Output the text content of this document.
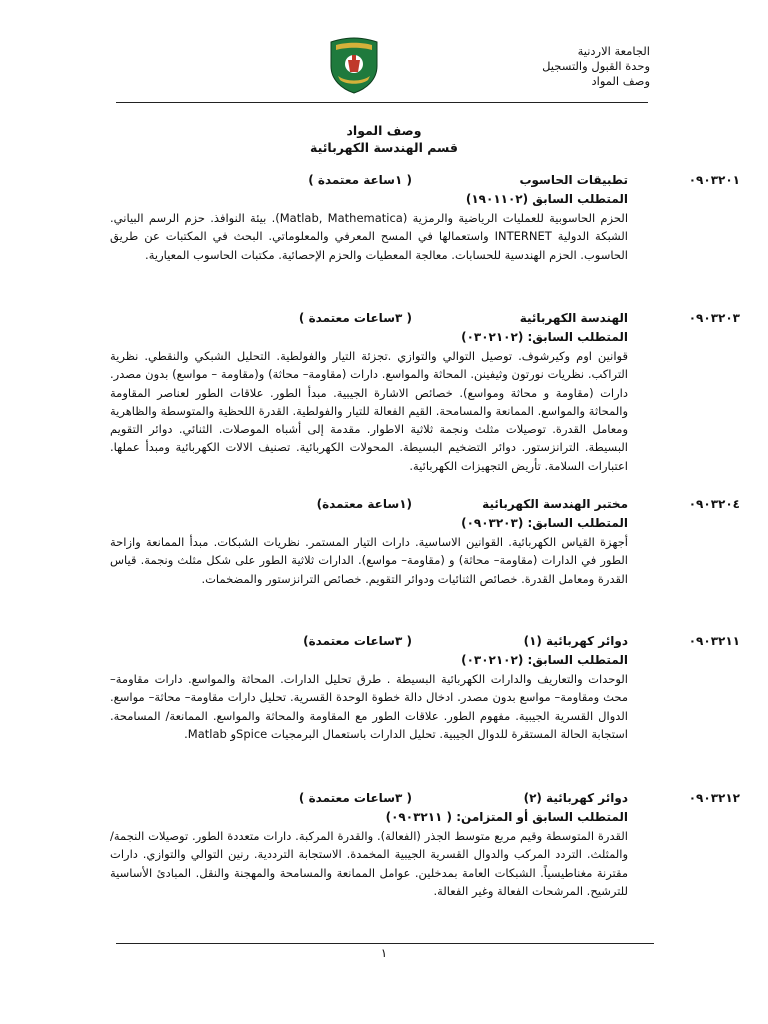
الجامعة الاردنية
وحدة القبول والتسجيل
وصف المواد
وصف المواد
قسم الهندسة الكهربائية
٠٩٠٣٢٠١
تطبيقات الحاسوب
( ١ساعة معتمدة )
المتطلب السابق (١٩٠١١٠٢)
الحزم الحاسوبية للعمليات الرياضية والرمزية (Matlab, Mathematica). بيئة النوافذ. حزم الرسم البياني. الشبكة الدولية INTERNET واستعمالها في المسح المعرفي والمعلوماتي. البحث في المكتبات عن طريق الحاسوب. الحزم الهندسية للحسابات. معالجة المعطيات والحزم الإحصائية. مكتبات الحاسوب المعيارية.
٠٩٠٣٢٠٣
الهندسة الكهربائية
( ٣ساعات معتمدة )
المتطلب السابق: (٠٣٠٢١٠٢)
قوانين اوم وكيرشوف. توصيل التوالي والتوازي .تجزئة التيار والفولطية. التحليل الشبكي والنقطي. نظرية التراكب. نظريات نورتون وثيفينن. المحاثة والمواسع. دارات (مقاومة– محاثة) و(مقاومة – مواسع) بدون مصدر. دارات (مقاومة و محاثة ومواسع). خصائص الاشارة الجيبية. مبدأ الطور. علاقات الطور لعناصر المقاومة والمحاثة والمواسع. الممانعة والمسامحة. القيم الفعالة للتيار والفولطية. القدرة اللحظية والمتوسطة والظاهرية ومعامل القدرة. توصيلات مثلث ونجمة ثلاثية الاطوار. مقدمة إلى أشباه الموصلات. الثنائي. دوائر التقويم البسيطة. الترانزستور. دوائر التضخيم البسيطة. المحولات الكهربائية. تصنيف الالات الكهربائية ومبدأ عملها. اعتبارات السلامة. تأريض التجهيزات الكهربائية.
٠٩٠٣٢٠٤
مختبر الهندسة الكهربائية
(١ساعة معتمدة)
المتطلب السابق: (٠٩٠٣٢٠٣)
أجهزة القياس الكهربائية. القوانين الاساسية. دارات التيار المستمر. نظريات الشبكات. مبدأ الممانعة وازاحة الطور في الدارات (مقاومة– محاثة) و (مقاومة– مواسع). الدارات ثلاثية الطور على شكل مثلث ونجمة. قياس القدرة ومعامل القدرة. خصائص الثنائيات ودوائر التقويم. خصائص الترانزستور والمضخمات.
٠٩٠٣٢١١
دوائر كهربائية (١)
( ٣ساعات معتمدة)
المتطلب السابق: (٠٣٠٢١٠٢)
الوحدات والتعاريف والدارات الكهربائية البسيطة . طرق تحليل الدارات. المحاثة والمواسع. دارات مقاومة–محث ومقاومة– مواسع بدون مصدر. ادخال دالة خطوة الوحدة القسرية. تحليل دارات مقاومة– محاثة– مواسع. الدوال القسرية الجيبية. مفهوم الطور. علاقات الطور مع المقاومة والمحاثة والمواسع. الممانعة/ المسامحة. استجابة الحالة المستقرة للدوال الجيبية. تحليل الدارات باستعمال البرمجيات Spiceو Matlab.
٠٩٠٣٢١٢
دوائر كهربائية (٢)
( ٣ساعات معتمدة )
المتطلب السابق أو المتزامن: ( ٠٩٠٣٢١١)
القدرة المتوسطة وقيم مربع متوسط الجذر (الفعالة). والقدرة المركبة. دارات متعددة الطور. توصيلات النجمة/ والمثلث. التردد المركب والدوال القسرية الجيبية المخمدة. الاستجابة الترددية. رنين التوالي والتوازي. دارات مقترنة مغناطيسياً. الشبكات العامة بمدخلين. عوامل الممانعة والمسامحة والمهجنة والنقل. المبادئ الأساسية للترشيح. المرشحات الفعالة وغير الفعالة.
١
